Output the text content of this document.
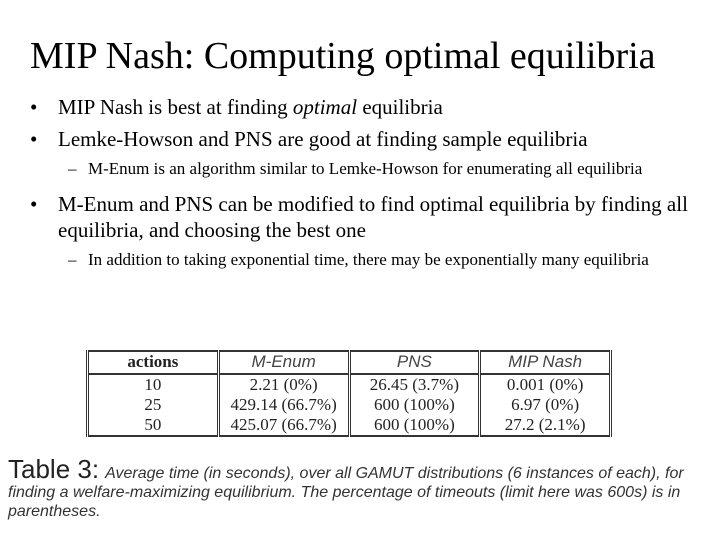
MIP Nash: Computing optimal equilibria
• MIP Nash is best at finding optimal equilibria
• Lemke-Howson and PNS are good at finding sample equilibria
– M-Enum is an algorithm similar to Lemke-Howson for enumerating all equilibria
• M-Enum and PNS can be modified to find optimal equilibria by finding all equilibria, and choosing the best one
– In addition to taking exponential time, there may be exponentially many equilibria
actions	M-Enum	PNS	MIP Nash
10	2.21 (0%)	26.45 (3.7%)	0.001 (0%)
25	429.14 (66.7%)	600 (100%)	6.97 (0%)
50	425.07 (66.7%)	600 (100%)	27.2 (2.1%)
Table 3: Average time (in seconds), over all GAMUT distributions (6 instances of each), for finding a welfare-maximizing equilibrium. The percentage of timeouts (limit here was 600s) is in parentheses.
